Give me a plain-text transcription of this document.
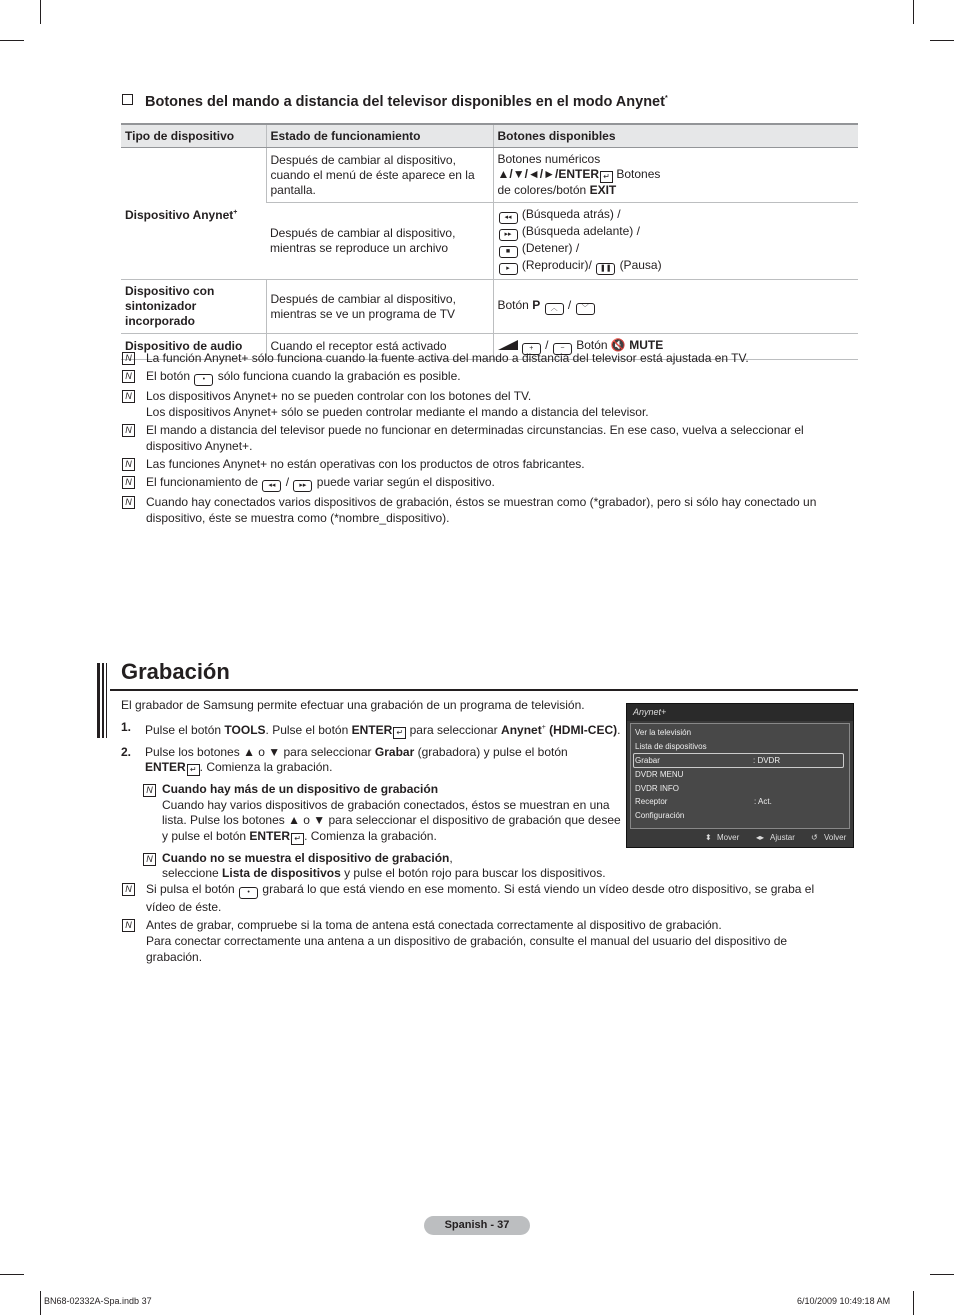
Botones del mando a distancia del televisor disponibles en el modo Anynet*
Tipo de dispositivo	Estado de funcionamiento	Botones disponibles
Dispositivo Anynet+	Después de cambiar al dispositivo, cuando el menú de éste aparece en la pantalla.	Botones numéricos
▲/▼/◄/►/ENTER ↵ Botones
de colores/botón EXIT
	Después de cambiar al dispositivo, mientras se reproduce un archivo	◂◂ (Búsqueda atrás) /
▸▸ (Búsqueda adelante) /
■ (Detener) /
▸ (Reproducir)/ ❚❚ (Pausa)
Dispositivo con sintonizador incorporado	Después de cambiar al dispositivo, mientras se ve un programa de TV	Botón P ︿ / ﹀
Dispositivo de audio	Cuando el receptor está activado	+ / − Botón 🔇 MUTE
N La función Anynet+ sólo funciona cuando la fuente activa del mando a distancia del televisor está ajustada en TV.
N El botón • sólo funciona cuando la grabación es posible.
N Los dispositivos Anynet+ no se pueden controlar con los botones del TV.
Los dispositivos Anynet+ sólo se pueden controlar mediante el mando a distancia del televisor.
N El mando a distancia del televisor puede no funcionar en determinadas circunstancias. En ese caso, vuelva a seleccionar el dispositivo Anynet+.
N Las funciones Anynet+ no están operativas con los productos de otros fabricantes.
N El funcionamiento de ◂◂ / ▸▸ puede variar según el dispositivo.
N Cuando hay conectados varios dispositivos de grabación, éstos se muestran como (*grabador), pero si sólo hay conectado un dispositivo, éste se muestra como (*nombre_dispositivo).
Grabación

El grabador de Samsung permite efectuar una grabación de un programa de televisión.

1. Pulse el botón TOOLS. Pulse el botón ENTER ↵ para seleccionar Anynet+ (HDMI-CEC).
2. Pulse los botones ▲ o ▼ para seleccionar Grabar (grabadora) y pulse el botón
ENTER ↵ . Comienza la grabación.
N Cuando hay más de un dispositivo de grabación
Cuando hay varios dispositivos de grabación conectados, éstos se muestran en una lista. Pulse los botones ▲ o ▼ para seleccionar el dispositivo de grabación que desee y pulse el botón ENTER ↵ . Comienza la grabación.
N Cuando no se muestra el dispositivo de grabación,
seleccione Lista de dispositivos y pulse el botón rojo para buscar los dispositivos.
Anynet+
Ver la televisión
Lista de dispositivos
Grabar	: DVDR
DVDR MENU
DVDR INFO
Receptor	: Act.
Configuración
⬍ Mover ◂▸ Ajustar ↺ Volver
N Si pulsa el botón • grabará lo que está viendo en ese momento. Si está viendo un vídeo desde otro dispositivo, se graba el vídeo de éste.
N Antes de grabar, compruebe si la toma de antena está conectada correctamente al dispositivo de grabación.
Para conectar correctamente una antena a un dispositivo de grabación, consulte el manual del usuario del dispositivo de grabación.
Spanish - 37
BN68-02332A-Spa.indb 37	6/10/2009 10:49:18 AM
